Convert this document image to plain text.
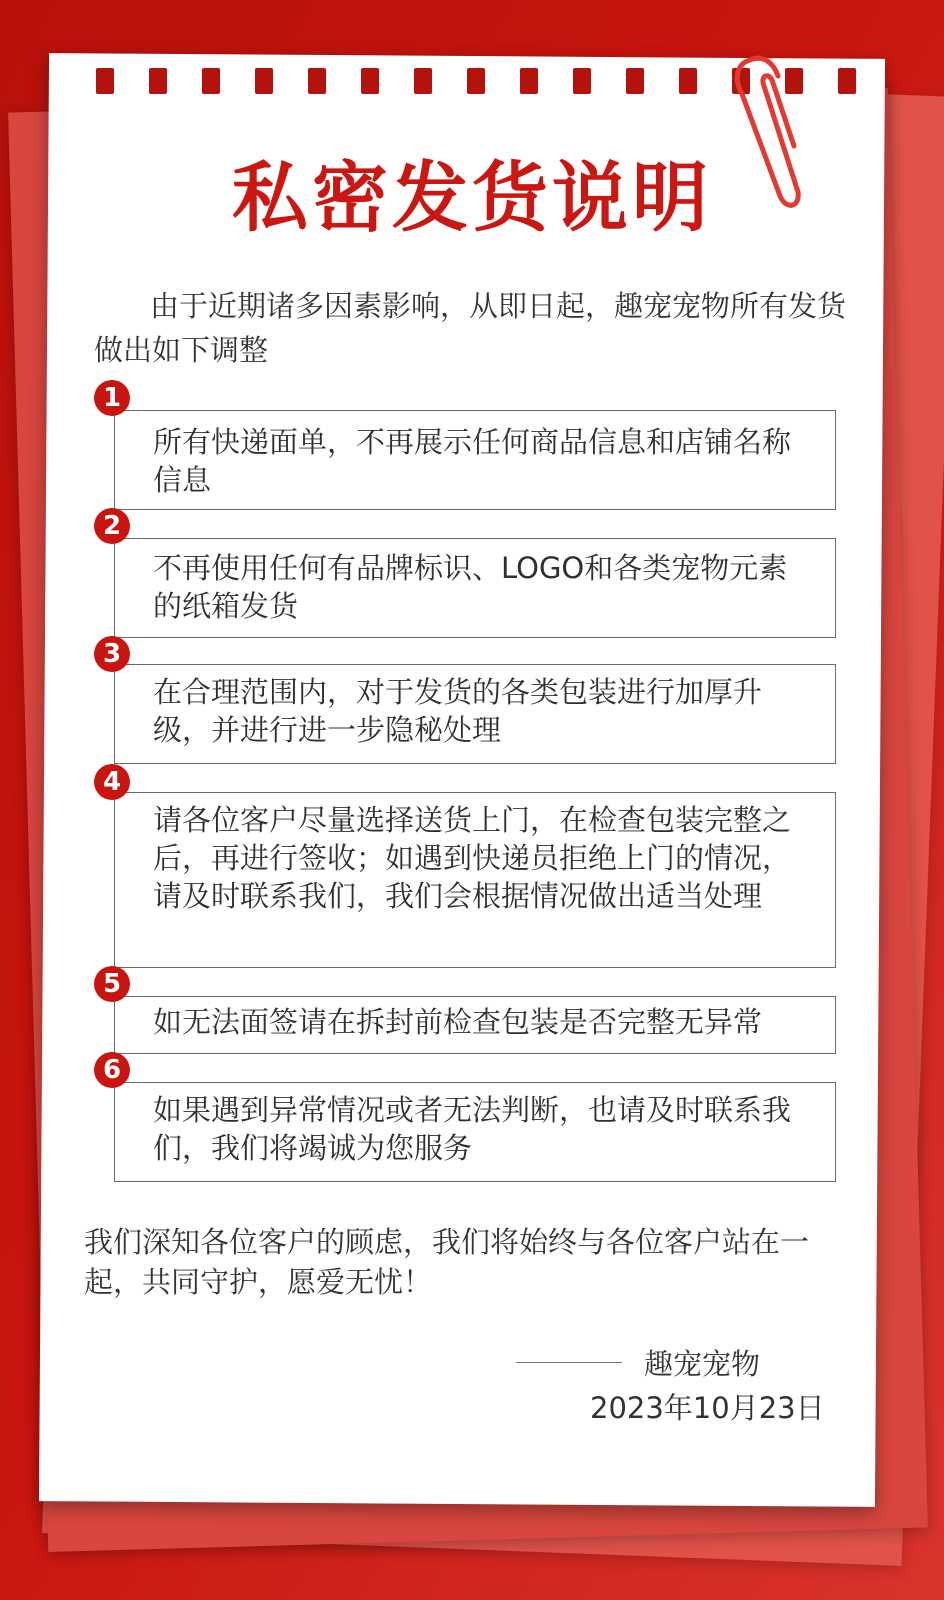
私密发货说明
由于近期诸多因素影响，从即日起，趣宠宠物所有发货做出如下调整
所有快递面单，不再展示任何商品信息和店铺名称信息
1
不再使用任何有品牌标识、LOGO和各类宠物元素的纸箱发货
2
在合理范围内，对于发货的各类包装进行加厚升级，并进行进一步隐秘处理
3
请各位客户尽量选择送货上门，在检查包装完整之后，再进行签收；如遇到快递员拒绝上门的情况，请及时联系我们，我们会根据情况做出适当处理
4
如无法面签请在拆封前检查包装是否完整无异常
5
如果遇到异常情况或者无法判断，也请及时联系我们，我们将竭诚为您服务
6
我们深知各位客户的顾虑，我们将始终与各位客户站在一起，共同守护，愿爱无忧！
趣宠宠物
2023年10月23日
